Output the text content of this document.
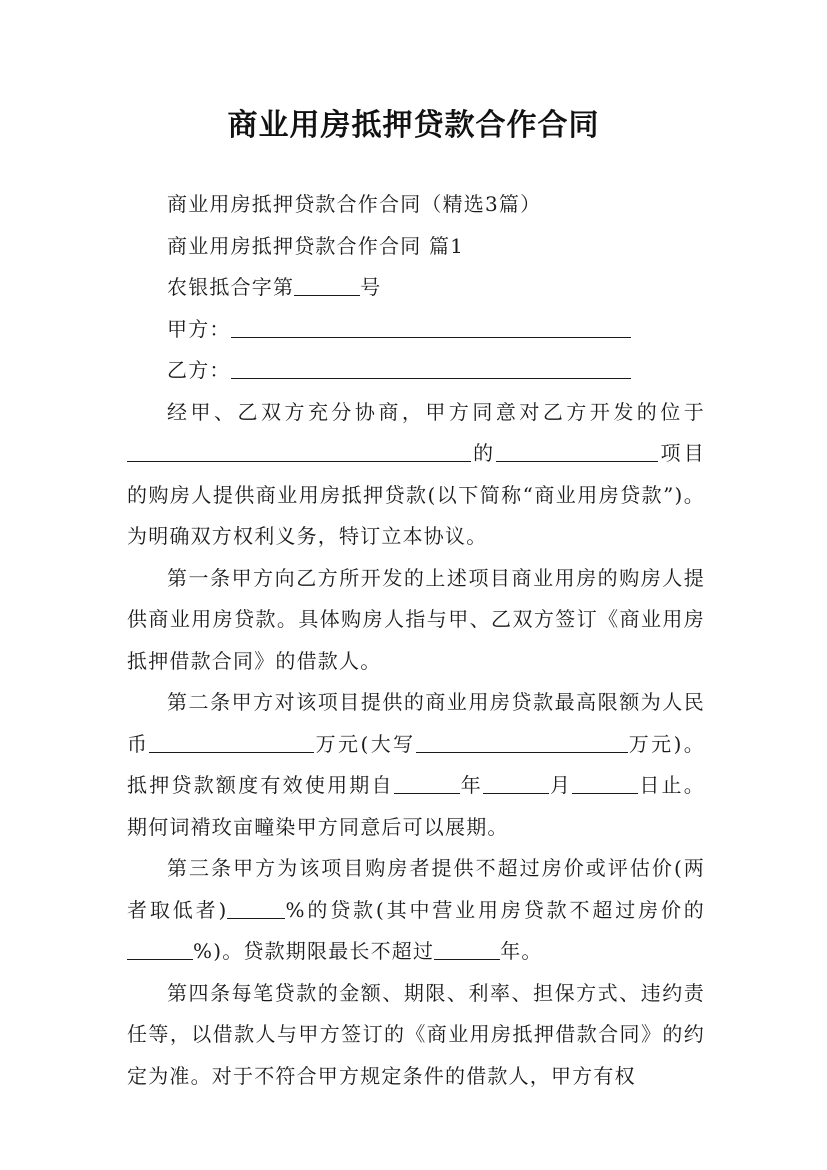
商业用房抵押贷款合作合同
商业用房抵押贷款合作合同（精选3篇）
商业用房抵押贷款合作合同 篇1
农银抵合字第	号
甲方：
乙方：

经甲、乙双方充分协商，甲方同意对乙方开发的位于的	项目的购房人提供商业用房抵押贷款(以下简称“商业用房贷款”)。为明确双方权利义务，特订立本协议。

第一条甲方向乙方所开发的上述项目商业用房的购房人提供商业用房贷款。具体购房人指与甲、乙双方签订《商业用房抵押借款合同》的借款人。

第二条甲方对该项目提供的商业用房贷款最高限额为人民币	万元(大写	万元)。抵押贷款额度有效使用期自	年	月	日止。期何词褙玫亩疃染甲方同意后可以展期。

第三条甲方为该项目购房者提供不超过房价或评估价(两者取低者)	%的贷款(其中营业用房贷款不超过房价的%)。贷款期限最长不超过	年。

第四条每笔贷款的金额、期限、利率、担保方式、违约责任等，以借款人与甲方签订的《商业用房抵押借款合同》的约定为准。对于不符合甲方规定条件的借款人，甲方有权
